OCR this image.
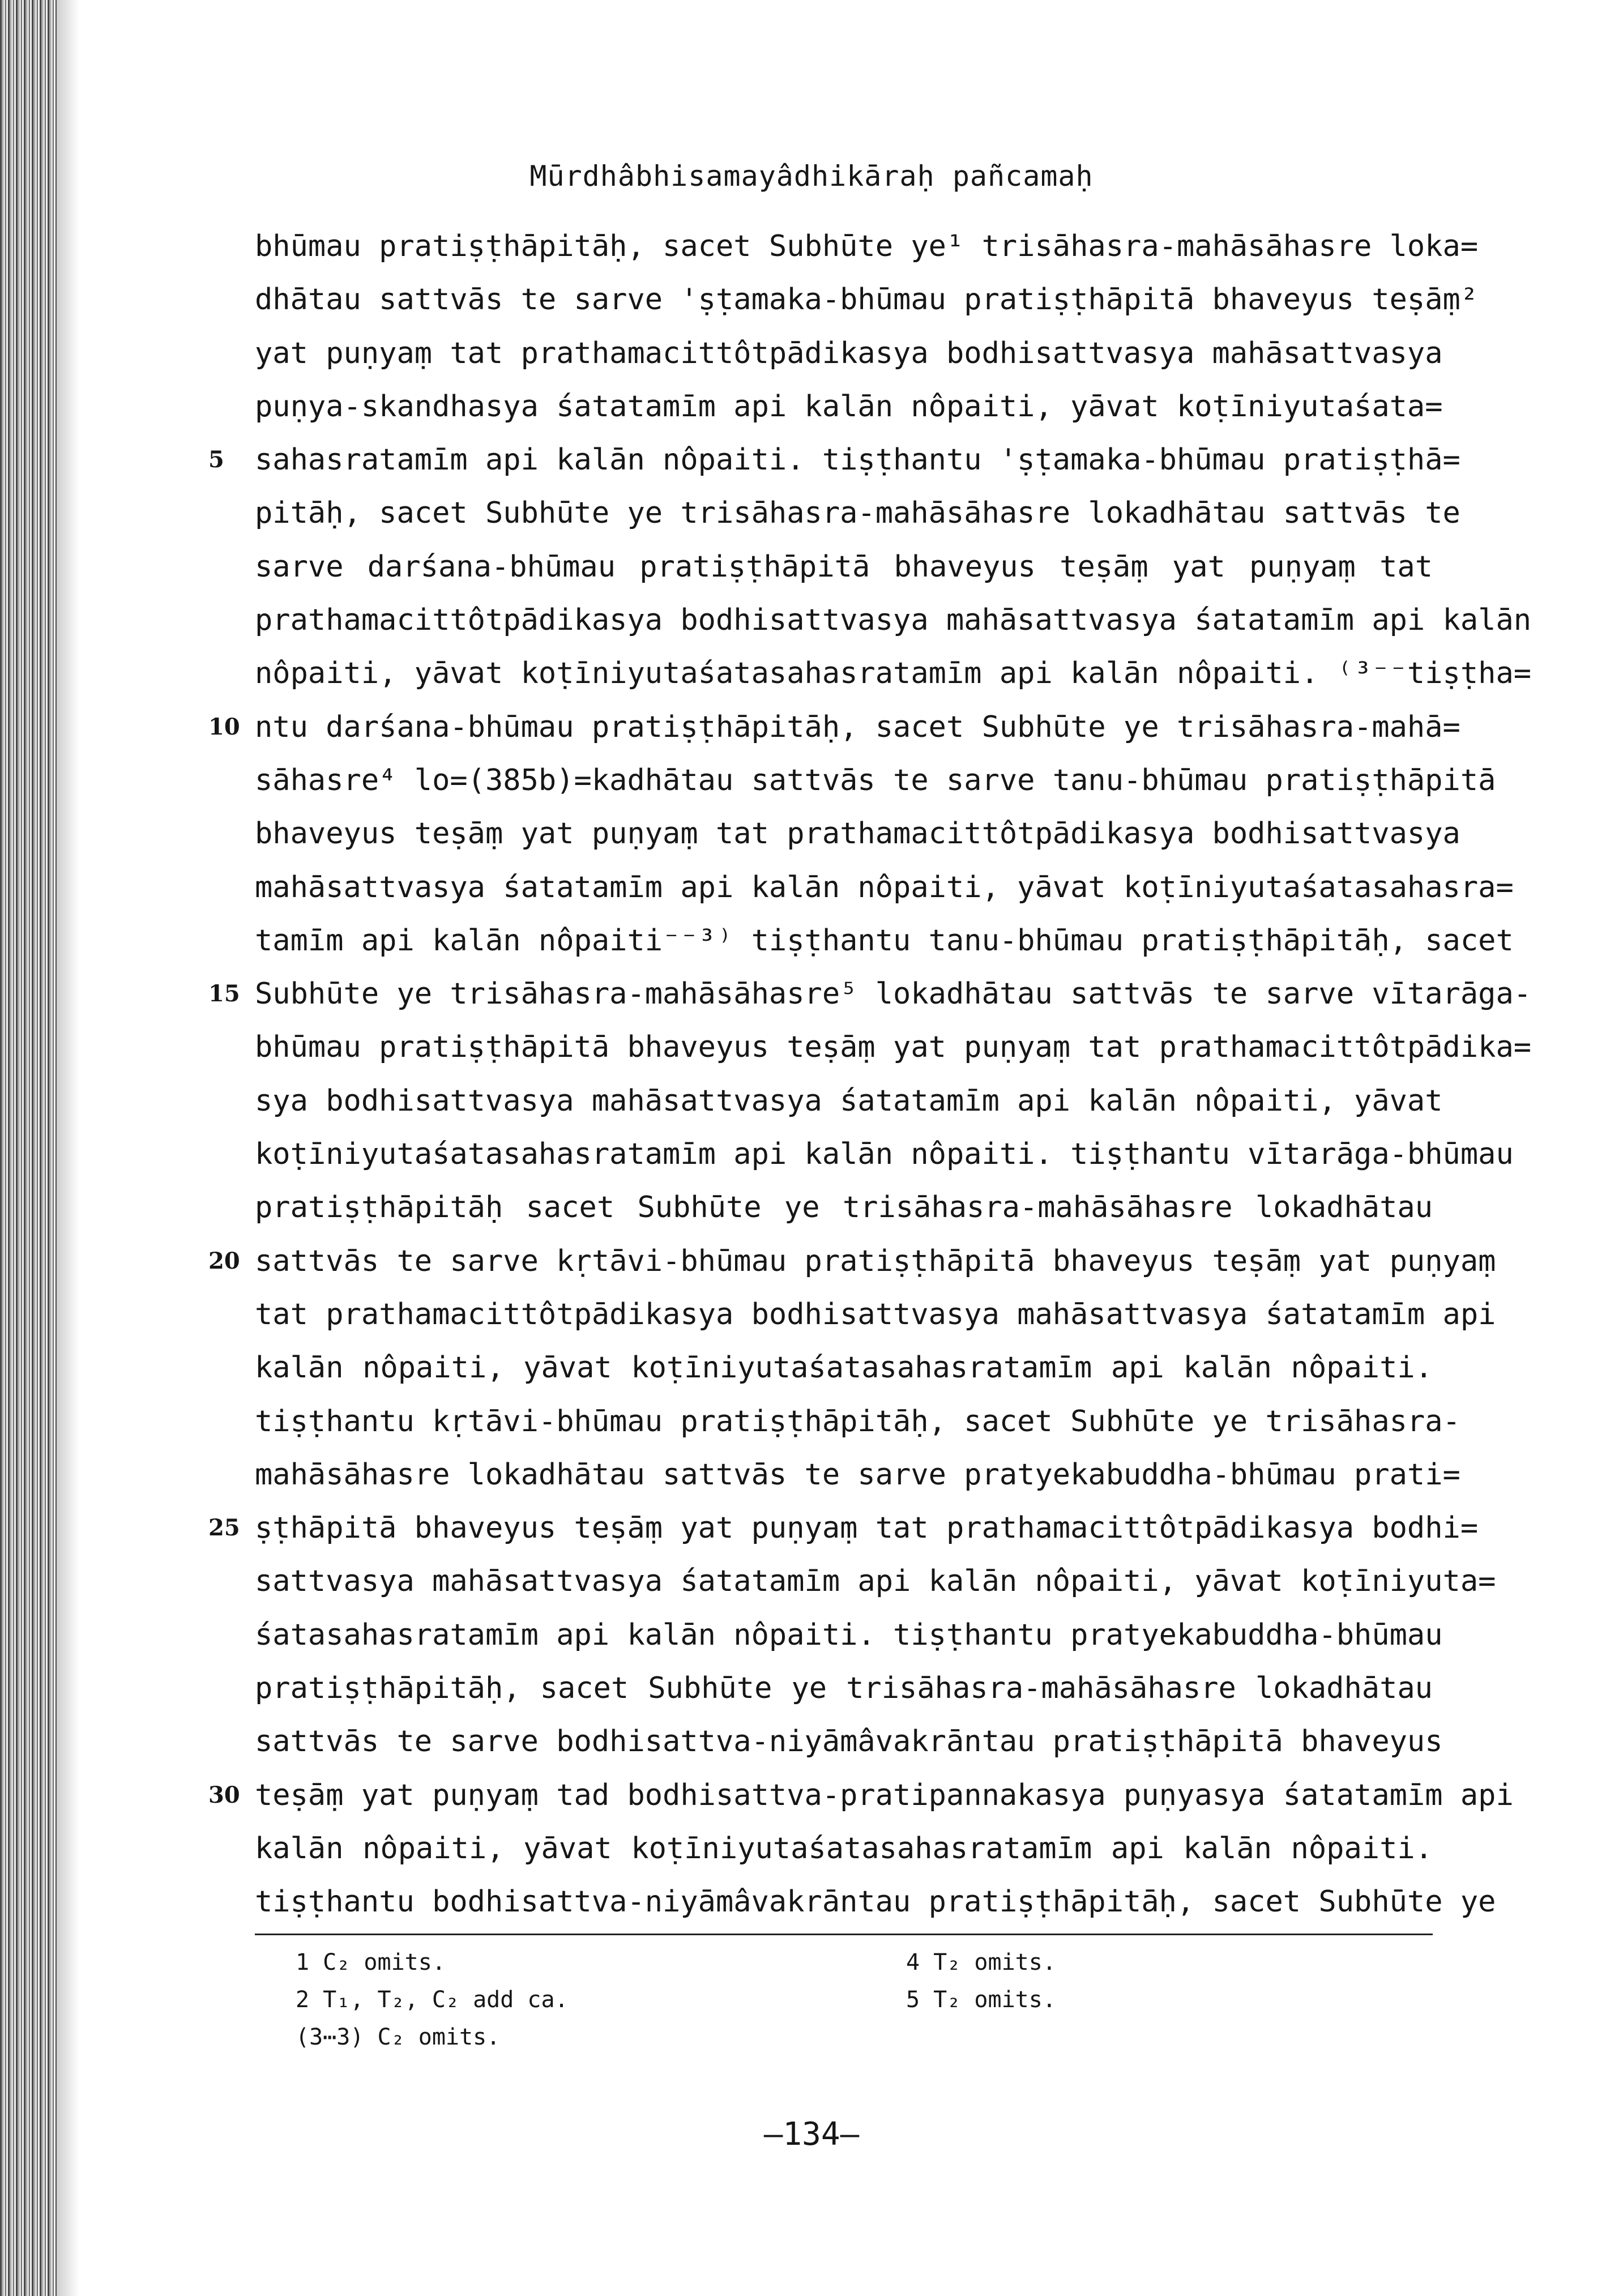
Mūrdhâbhisamayâdhikāraḥ pañcamaḥ
bhūmau pratiṣṭhāpitāḥ, sacet Subhūte ye¹ trisāhasra-mahāsāhasre loka=
dhātau sattvās te sarve 'ṣṭamaka-bhūmau pratiṣṭhāpitā bhaveyus teṣāṃ²
yat puṇyaṃ tat prathamacittôtpādikasya bodhisattvasya mahāsattvasya
puṇya-skandhasya śatatamīm api kalān nôpaiti, yāvat koṭīniyutaśata=
sahasratamīm api kalān nôpaiti. tiṣṭhantu 'ṣṭamaka-bhūmau pratiṣṭhā=
5
pitāḥ, sacet Subhūte ye trisāhasra-mahāsāhasre lokadhātau sattvās te
sarve darśana-bhūmau pratiṣṭhāpitā bhaveyus teṣāṃ yat puṇyaṃ tat
prathamacittôtpādikasya bodhisattvasya mahāsattvasya śatatamīm api kalān
nôpaiti, yāvat koṭīniyutaśatasahasratamīm api kalān nôpaiti. ⁽³⁻⁻tiṣṭha=
ntu darśana-bhūmau pratiṣṭhāpitāḥ, sacet Subhūte ye trisāhasra-mahā=
10
sāhasre⁴ lo=(385b)=kadhātau sattvās te sarve tanu-bhūmau pratiṣṭhāpitā
bhaveyus teṣāṃ yat puṇyaṃ tat prathamacittôtpādikasya bodhisattvasya
mahāsattvasya śatatamīm api kalān nôpaiti, yāvat koṭīniyutaśatasahasra=
tamīm api kalān nôpaiti⁻⁻³⁾ tiṣṭhantu tanu-bhūmau pratiṣṭhāpitāḥ, sacet
Subhūte ye trisāhasra-mahāsāhasre⁵ lokadhātau sattvās te sarve vītarāga-
15
bhūmau pratiṣṭhāpitā bhaveyus teṣāṃ yat puṇyaṃ tat prathamacittôtpādika=
sya bodhisattvasya mahāsattvasya śatatamīm api kalān nôpaiti, yāvat
koṭīniyutaśatasahasratamīm api kalān nôpaiti. tiṣṭhantu vītarāga-bhūmau
pratiṣṭhāpitāḥ sacet Subhūte ye trisāhasra-mahāsāhasre lokadhātau
sattvās te sarve kṛtāvi-bhūmau pratiṣṭhāpitā bhaveyus teṣāṃ yat puṇyaṃ
20
tat prathamacittôtpādikasya bodhisattvasya mahāsattvasya śatatamīm api
kalān nôpaiti, yāvat koṭīniyutaśatasahasratamīm api kalān nôpaiti.
tiṣṭhantu kṛtāvi-bhūmau pratiṣṭhāpitāḥ, sacet Subhūte ye trisāhasra-
mahāsāhasre lokadhātau sattvās te sarve pratyekabuddha-bhūmau prati=
ṣṭhāpitā bhaveyus teṣāṃ yat puṇyaṃ tat prathamacittôtpādikasya bodhi=
25
sattvasya mahāsattvasya śatatamīm api kalān nôpaiti, yāvat koṭīniyuta=
śatasahasratamīm api kalān nôpaiti. tiṣṭhantu pratyekabuddha-bhūmau
pratiṣṭhāpitāḥ, sacet Subhūte ye trisāhasra-mahāsāhasre lokadhātau
sattvās te sarve bodhisattva-niyāmâvakrāntau pratiṣṭhāpitā bhaveyus
teṣāṃ yat puṇyaṃ tad bodhisattva-pratipannakasya puṇyasya śatatamīm api
30
kalān nôpaiti, yāvat koṭīniyutaśatasahasratamīm api kalān nôpaiti.
tiṣṭhantu bodhisattva-niyāmâvakrāntau pratiṣṭhāpitāḥ, sacet Subhūte ye
1 C₂ omits.
2 T₁, T₂, C₂ add ca.
(3⋯3) C₂ omits.
4 T₂ omits.
5 T₂ omits.
—134—
